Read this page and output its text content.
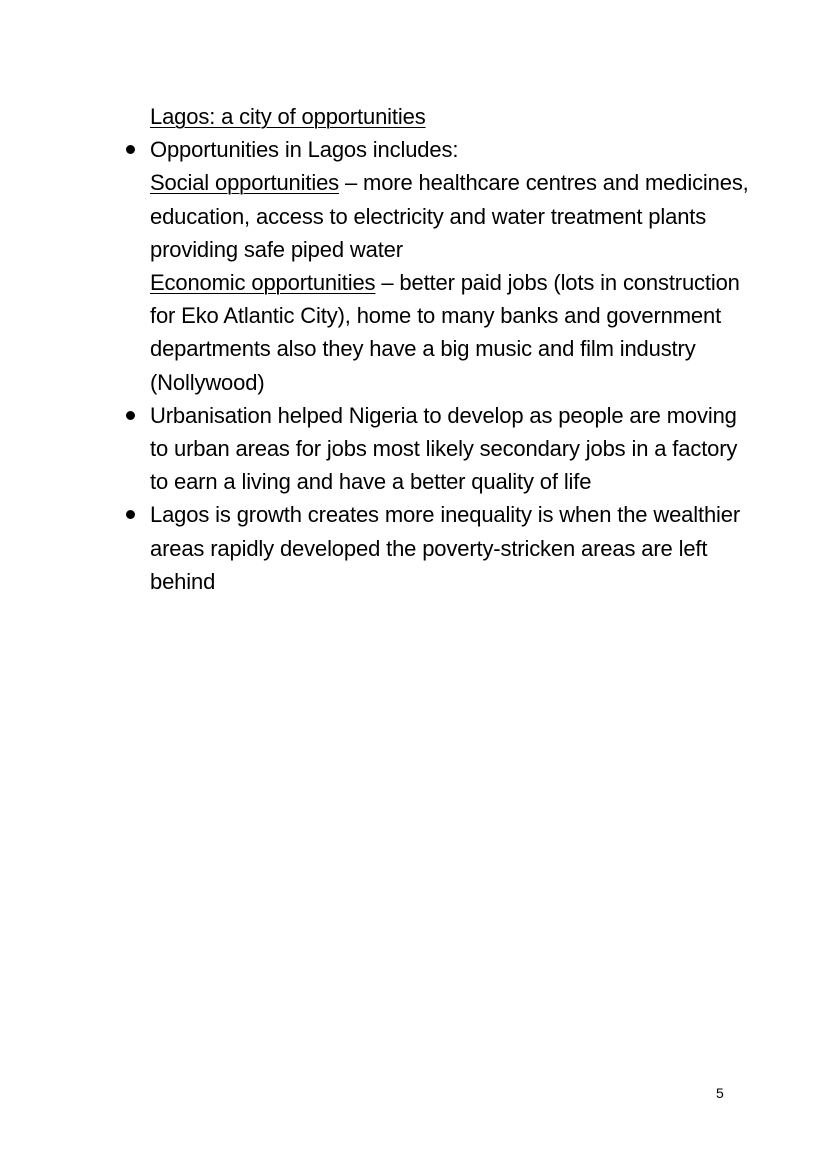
Lagos: a city of opportunities
Opportunities in Lagos includes:
Social opportunities – more healthcare centres and medicines, education, access to electricity and water treatment plants providing safe piped water
Economic opportunities – better paid jobs (lots in construction for Eko Atlantic City), home to many banks and government departments also they have a big music and film industry (Nollywood)
Urbanisation helped Nigeria to develop as people are moving to urban areas for jobs most likely secondary jobs in a factory to earn a living and have a better quality of life
Lagos is growth creates more inequality is when the wealthier areas rapidly developed the poverty-stricken areas are left behind
5
